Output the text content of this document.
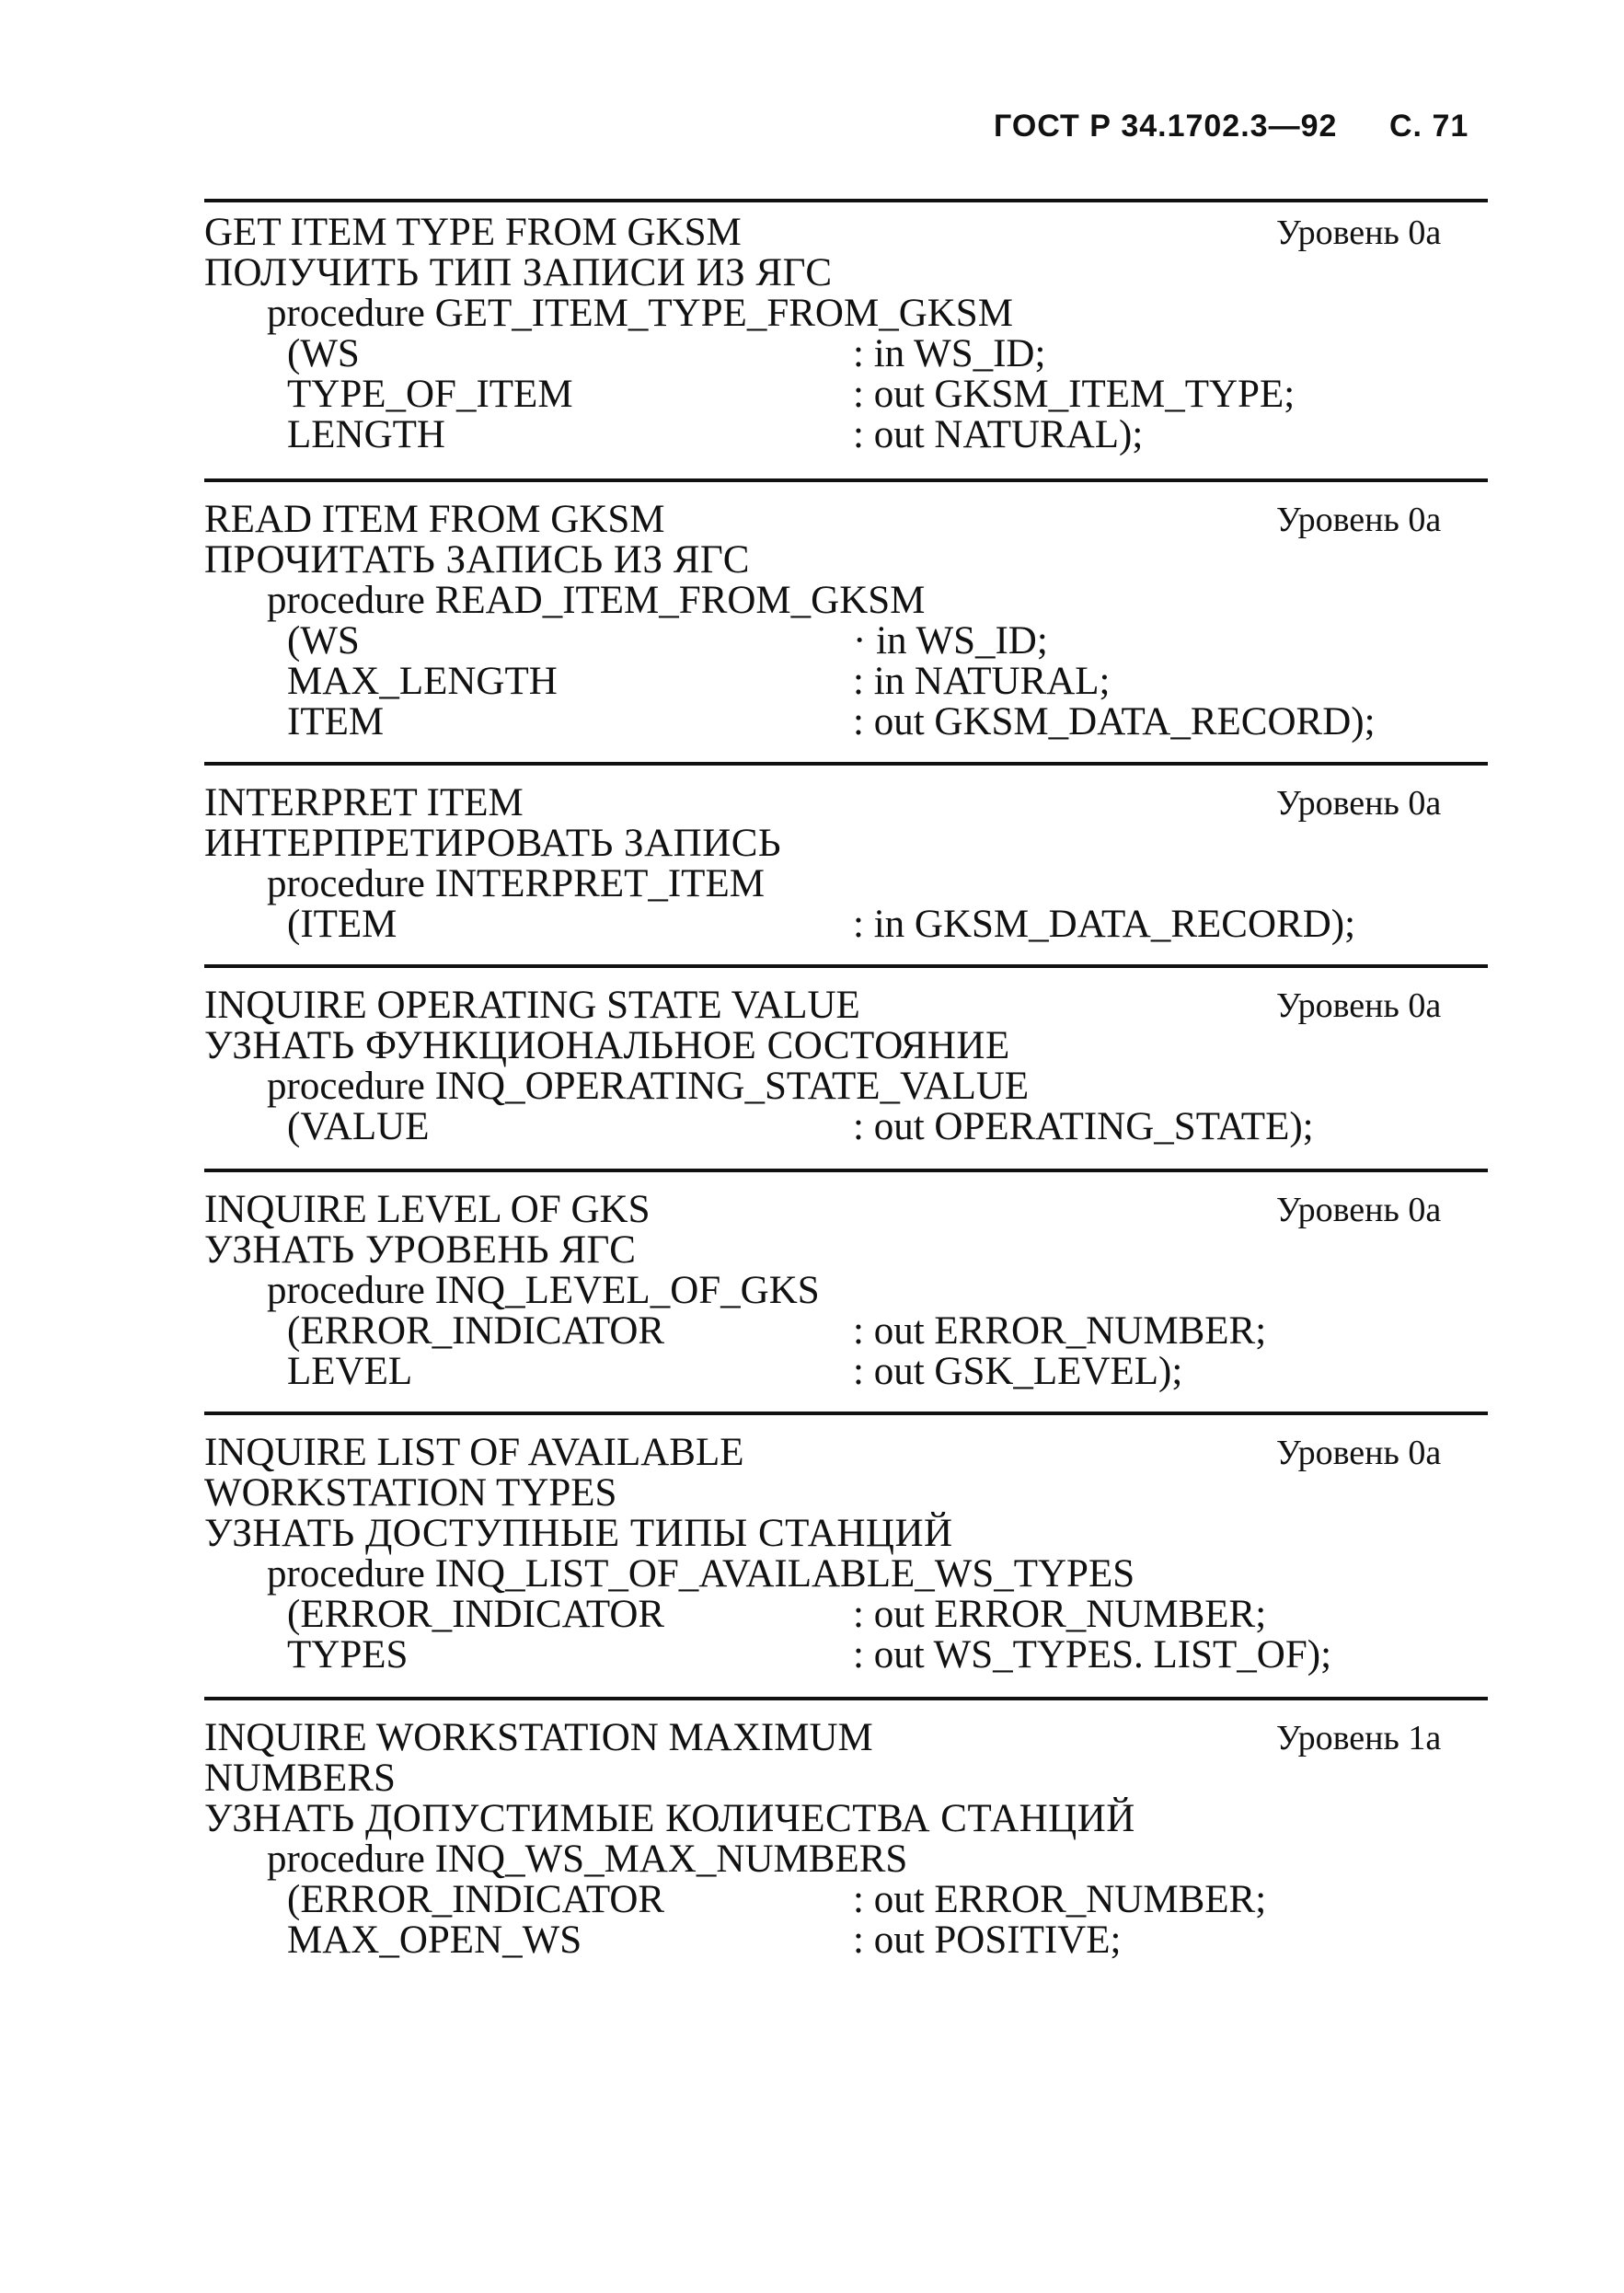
ГОСТ Р 34.1702.3—92 С. 71
GET ITEM TYPE FROM GKSM	Уровень 0а
ПОЛУЧИТЬ ТИП ЗАПИСИ ИЗ ЯГС
procedure GET_ITEM_TYPE_FROM_GKSM
(WS	: in WS_ID;
TYPE_OF_ITEM	: out GKSM_ITEM_TYPE;
LENGTH	: out NATURAL);
READ ITEM FROM GKSM	Уровень 0а
ПРОЧИТАТЬ ЗАПИСЬ ИЗ ЯГС
procedure READ_ITEM_FROM_GKSM
(WS	· in WS_ID;
MAX_LENGTH	: in NATURAL;
ITEM	: out GKSM_DATA_RECORD);
INTERPRET ITEM	Уровень 0а
ИНТЕРПРЕТИРОВАТЬ ЗАПИСЬ
procedure INTERPRET_ITEM
(ITEM	: in GKSM_DATA_RECORD);
INQUIRE OPERATING STATE VALUE	Уровень 0а
УЗНАТЬ ФУНКЦИОНАЛЬНОЕ СОСТОЯНИЕ
procedure INQ_OPERATING_STATE_VALUE
(VALUE	: out OPERATING_STATE);
INQUIRE LEVEL OF GKS	Уровень 0а
УЗНАТЬ УРОВЕНЬ ЯГС
procedure INQ_LEVEL_OF_GKS
(ERROR_INDICATOR	: out ERROR_NUMBER;
LEVEL	: out GSK_LEVEL);
INQUIRE LIST OF AVAILABLE	Уровень 0а
WORKSTATION TYPES
УЗНАТЬ ДОСТУПНЫЕ ТИПЫ СТАНЦИЙ
procedure INQ_LIST_OF_AVAILABLE_WS_TYPES
(ERROR_INDICATOR	: out ERROR_NUMBER;
TYPES	: out WS_TYPES. LIST_OF);
INQUIRE WORKSTATION MAXIMUM	Уровень 1а
NUMBERS
УЗНАТЬ ДОПУСТИМЫЕ КОЛИЧЕСТВА СТАНЦИЙ
procedure INQ_WS_MAX_NUMBERS
(ERROR_INDICATOR	: out ERROR_NUMBER;
MAX_OPEN_WS	: out POSITIVE;
